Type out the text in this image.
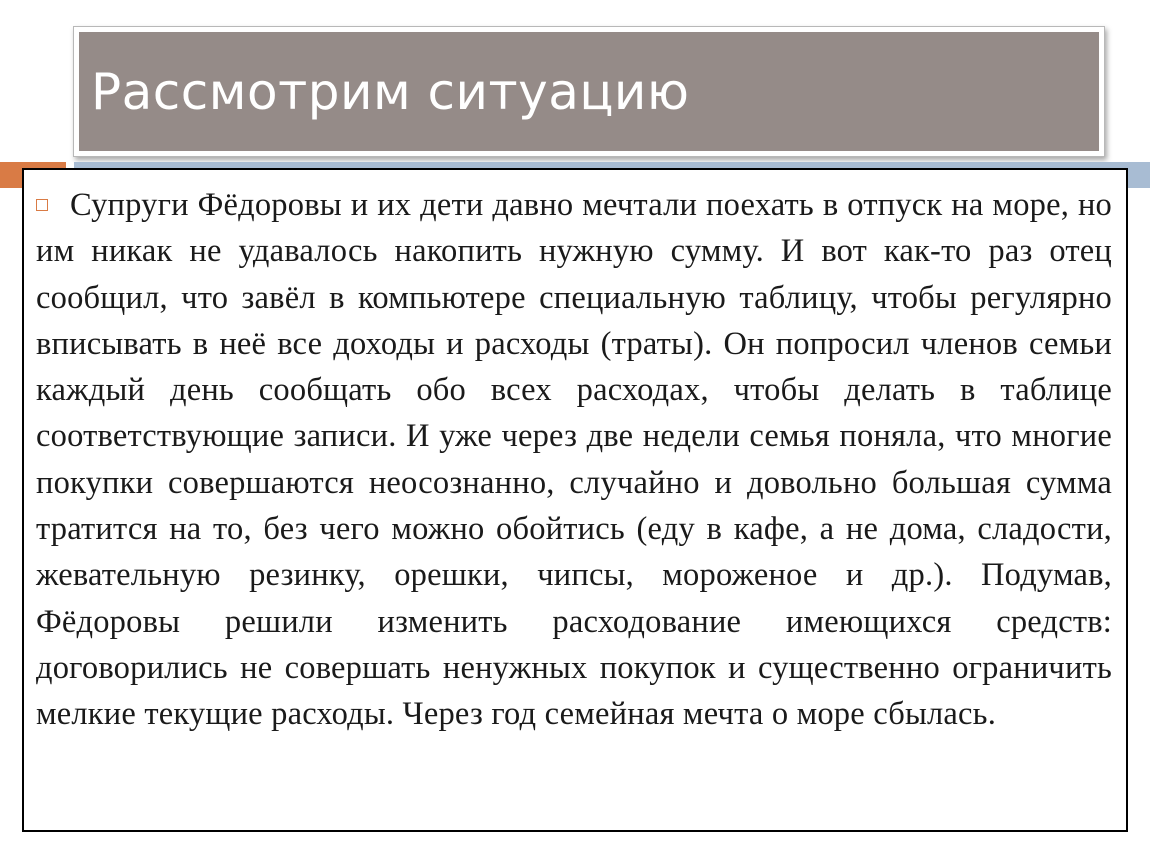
Рассмотрим ситуацию

Супруги Фёдоровы и их дети давно мечтали поехать в отпуск на море, но им никак не удавалось накопить нужную сумму. И вот как-то раз отец сообщил, что завёл в компьютере специальную таблицу, чтобы регулярно вписывать в неё все доходы и расходы (траты). Он попросил членов семьи каждый день сообщать обо всех расходах, чтобы делать в таблице соответствующие записи. И уже через две недели семья поняла, что многие покупки совершаются неосознанно, случайно и довольно большая сумма тратится на то, без чего можно обойтись (еду в кафе, а не дома, сладости, жевательную резинку, орешки, чипсы, мороженое и др.). Подумав, Фёдоровы решили изменить расходование имеющихся средств: договорились не совершать ненужных покупок и существенно ограничить мелкие текущие расходы. Через год семейная мечта о море сбылась.
